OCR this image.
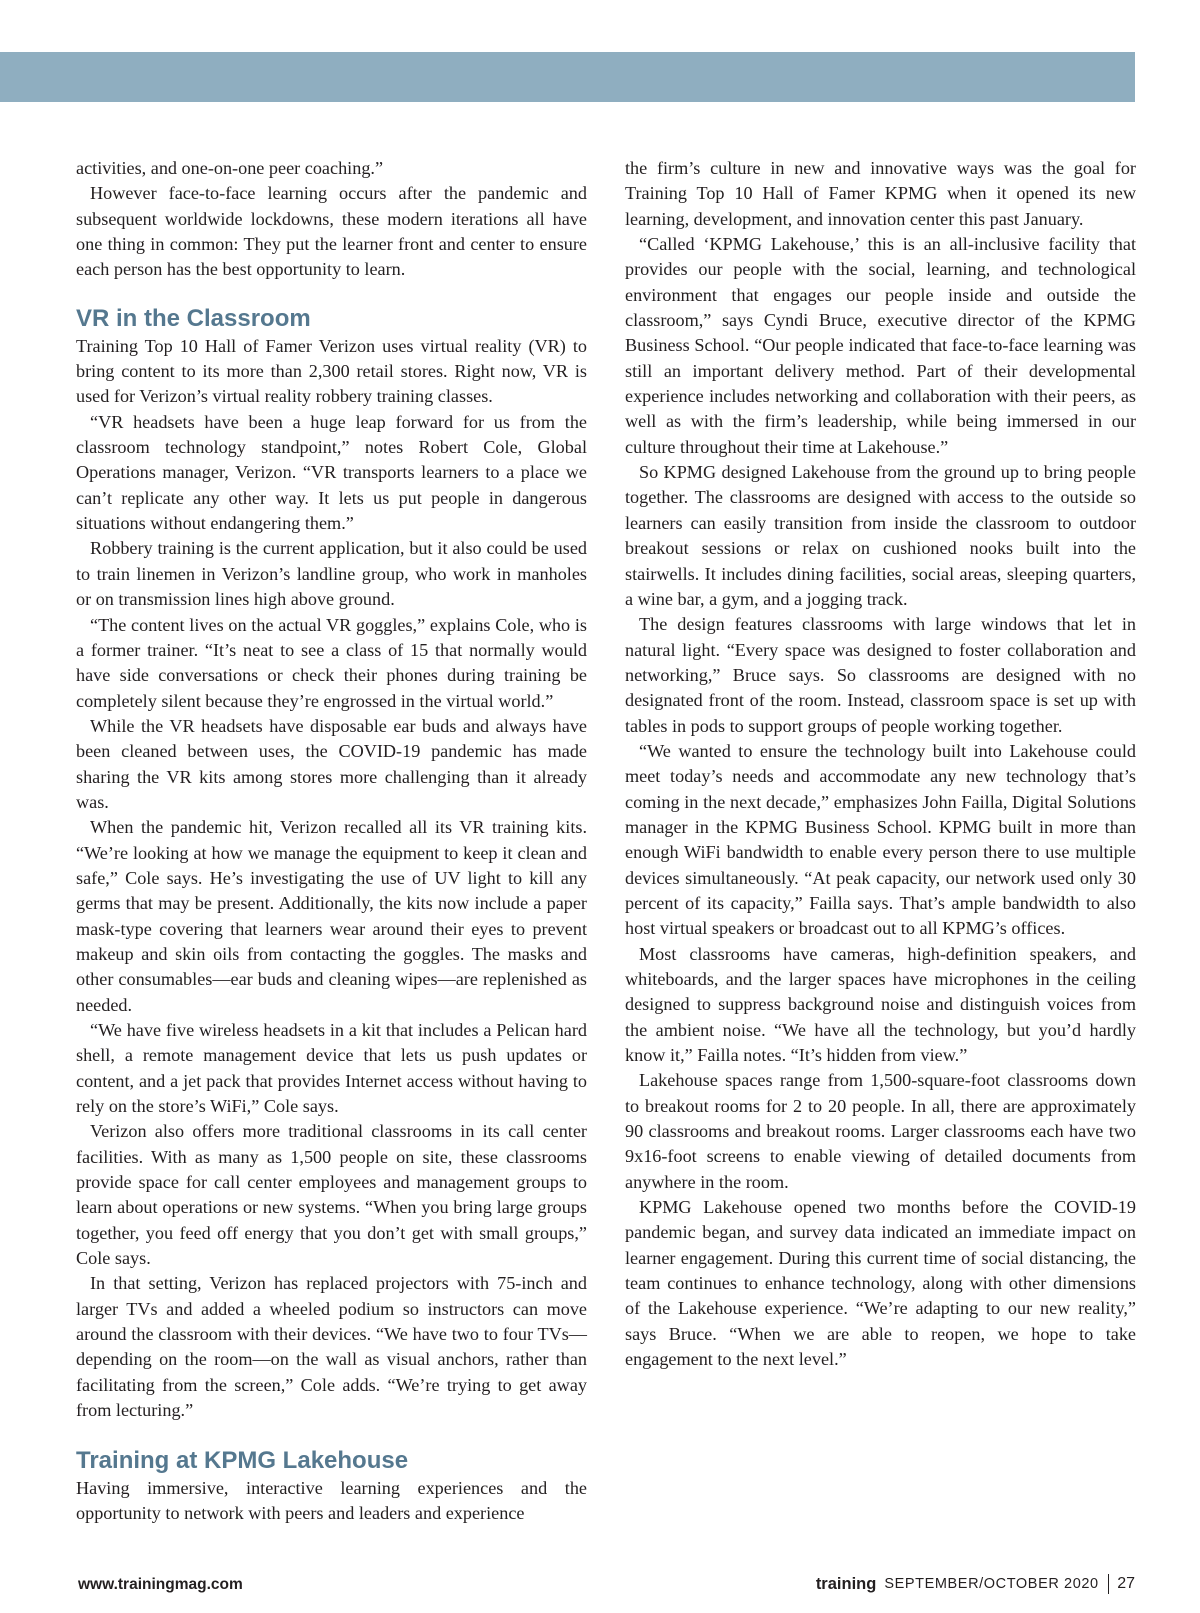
activities, and one-on-one peer coaching.”

However face-to-face learning occurs after the pandemic and subsequent worldwide lockdowns, these modern iterations all have one thing in common: They put the learner front and center to ensure each person has the best opportunity to learn.

VR in the Classroom

Training Top 10 Hall of Famer Verizon uses virtual reality (VR) to bring content to its more than 2,300 retail stores. Right now, VR is used for Verizon’s virtual reality robbery training classes.

“VR headsets have been a huge leap forward for us from the classroom technology standpoint,” notes Robert Cole, Global Operations manager, Verizon. “VR transports learners to a place we can’t replicate any other way. It lets us put people in dangerous situations without endangering them.”

Robbery training is the current application, but it also could be used to train linemen in Verizon’s landline group, who work in manholes or on transmission lines high above ground.

“The content lives on the actual VR goggles,” explains Cole, who is a former trainer. “It’s neat to see a class of 15 that normally would have side conversations or check their phones during training be completely silent because they’re engrossed in the virtual world.”

While the VR headsets have disposable ear buds and always have been cleaned between uses, the COVID-19 pandemic has made sharing the VR kits among stores more challenging than it already was.

When the pandemic hit, Verizon recalled all its VR training kits. “We’re looking at how we manage the equipment to keep it clean and safe,” Cole says. He’s investigating the use of UV light to kill any germs that may be present. Additionally, the kits now include a paper mask-type covering that learners wear around their eyes to prevent makeup and skin oils from contacting the goggles. The masks and other consumables—ear buds and cleaning wipes—are replenished as needed.

“We have five wireless headsets in a kit that includes a Pelican hard shell, a remote management device that lets us push updates or content, and a jet pack that provides Internet access without having to rely on the store’s WiFi,” Cole says.

Verizon also offers more traditional classrooms in its call center facilities. With as many as 1,500 people on site, these classrooms provide space for call center employees and management groups to learn about operations or new systems. “When you bring large groups together, you feed off energy that you don’t get with small groups,” Cole says.

In that setting, Verizon has replaced projectors with 75-inch and larger TVs and added a wheeled podium so instructors can move around the classroom with their devices. “We have two to four TVs—depending on the room—on the wall as visual anchors, rather than facilitating from the screen,” Cole adds. “We’re trying to get away from lecturing.”

Training at KPMG Lakehouse

Having immersive, interactive learning experiences and the opportunity to network with peers and leaders and experience

the firm’s culture in new and innovative ways was the goal for Training Top 10 Hall of Famer KPMG when it opened its new learning, development, and innovation center this past January.

“Called ‘KPMG Lakehouse,’ this is an all-inclusive facility that provides our people with the social, learning, and technological environment that engages our people inside and outside the classroom,” says Cyndi Bruce, executive director of the KPMG Business School. “Our people indicated that face-to-face learning was still an important delivery method. Part of their developmental experience includes networking and collaboration with their peers, as well as with the firm’s leadership, while being immersed in our culture throughout their time at Lakehouse.”

So KPMG designed Lakehouse from the ground up to bring people together. The classrooms are designed with access to the outside so learners can easily transition from inside the classroom to outdoor breakout sessions or relax on cushioned nooks built into the stairwells. It includes dining facilities, social areas, sleeping quarters, a wine bar, a gym, and a jogging track.

The design features classrooms with large windows that let in natural light. “Every space was designed to foster collaboration and networking,” Bruce says. So classrooms are designed with no designated front of the room. Instead, classroom space is set up with tables in pods to support groups of people working together.

“We wanted to ensure the technology built into Lakehouse could meet today’s needs and accommodate any new technology that’s coming in the next decade,” emphasizes John Failla, Digital Solutions manager in the KPMG Business School. KPMG built in more than enough WiFi bandwidth to enable every person there to use multiple devices simultaneously. “At peak capacity, our network used only 30 percent of its capacity,” Failla says. That’s ample bandwidth to also host virtual speakers or broadcast out to all KPMG’s offices.

Most classrooms have cameras, high-definition speakers, and whiteboards, and the larger spaces have microphones in the ceiling designed to suppress background noise and distinguish voices from the ambient noise. “We have all the technology, but you’d hardly know it,” Failla notes. “It’s hidden from view.”

Lakehouse spaces range from 1,500-square-foot classrooms down to breakout rooms for 2 to 20 people. In all, there are approximately 90 classrooms and breakout rooms. Larger classrooms each have two 9x16-foot screens to enable viewing of detailed documents from anywhere in the room.

KPMG Lakehouse opened two months before the COVID-19 pandemic began, and survey data indicated an immediate impact on learner engagement. During this current time of social distancing, the team continues to enhance technology, along with other dimensions of the Lakehouse experience. “We’re adapting to our new reality,” says Bruce. “When we are able to reopen, we hope to take engagement to the next level.”

www.trainingmag.com	training SEPTEMBER/OCTOBER 2020 27
